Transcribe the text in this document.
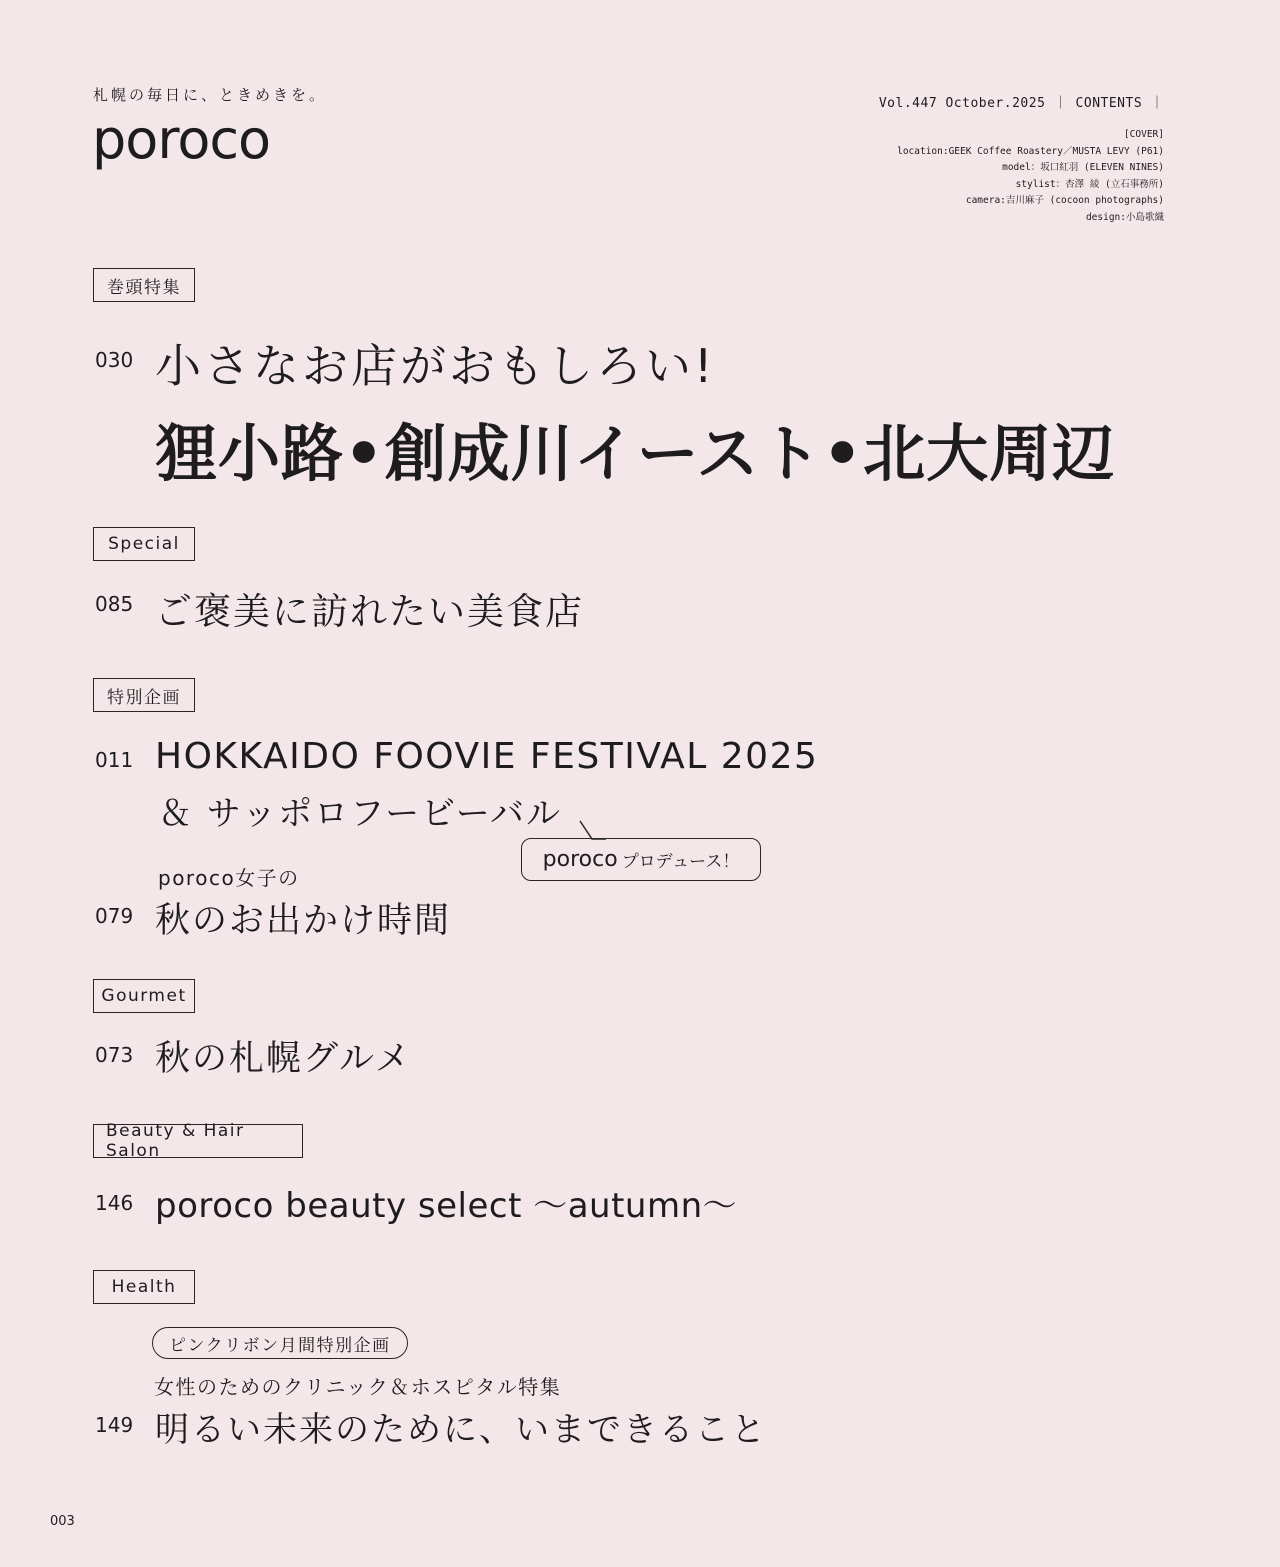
札幌の毎日に、ときめきを。
poroco
Vol.447 October.2025 ｜ CONTENTS ｜
[COVER]
location:GEEK Coffee Roastery／MUSTA LEVY (P61)
model：坂口紅羽 (ELEVEN NINES)
stylist：杏澤 綾 (立石事務所)
camera:吉川麻子 (cocoon photographs)
design:小島歌織
巻頭特集
030 小さなお店がおもしろい!
狸小路•創成川イースト•北大周辺
Special
085 ご褒美に訪れたい美食店
特別企画
011 HOKKAIDO FOOVIE FESTIVAL 2025
＆ サッポロフービーバル
poroco プロデュース！
poroco女子の
079 秋のお出かけ時間
Gourmet
073 秋の札幌グルメ
Beauty & Hair Salon
146 poroco beauty select ～autumn～
Health
ピンクリボン月間特別企画
女性のためのクリニック＆ホスピタル特集
149 明るい未来のために、いまできること
003
